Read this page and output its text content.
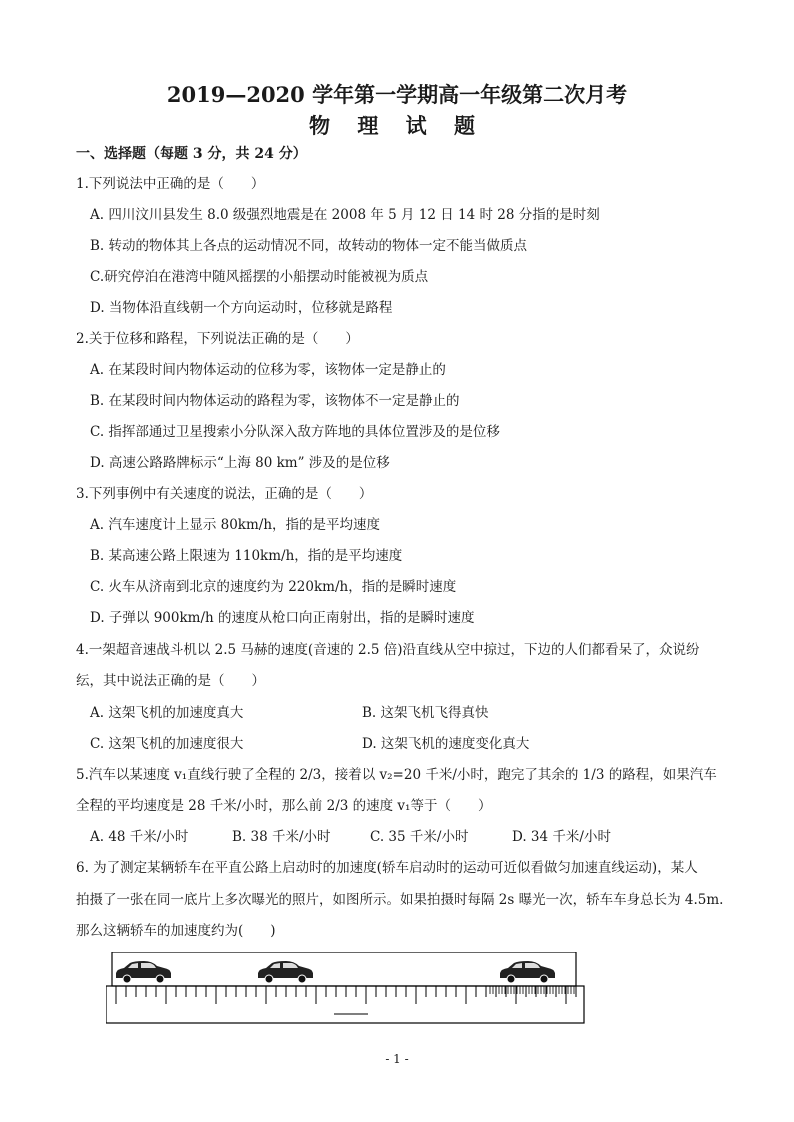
2019—2020 学年第一学期高一年级第二次月考
物 理 试 题
一、选择题（每题 3 分，共 24 分）
1.下列说法中正确的是（　　）
A. 四川汶川县发生 8.0 级强烈地震是在 2008 年 5 月 12 日 14 时 28 分指的是时刻
B. 转动的物体其上各点的运动情况不同，故转动的物体一定不能当做质点
C.研究停泊在港湾中随风摇摆的小船摆动时能被视为质点
D. 当物体沿直线朝一个方向运动时，位移就是路程
2.关于位移和路程，下列说法正确的是（　　）
A. 在某段时间内物体运动的位移为零，该物体一定是静止的
B. 在某段时间内物体运动的路程为零，该物体不一定是静止的
C. 指挥部通过卫星搜索小分队深入敌方阵地的具体位置涉及的是位移
D. 高速公路路牌标示“上海 80 km” 涉及的是位移
3.下列事例中有关速度的说法，正确的是（　　）
A. 汽车速度计上显示 80km/h，指的是平均速度
B. 某高速公路上限速为 110km/h，指的是平均速度
C. 火车从济南到北京的速度约为 220km/h，指的是瞬时速度
D. 子弹以 900km/h 的速度从枪口向正南射出，指的是瞬时速度
4.一架超音速战斗机以 2.5 马赫的速度(音速的 2.5 倍)沿直线从空中掠过，下边的人们都看呆了，众说纷
纭，其中说法正确的是（　　）
A. 这架飞机的加速度真大	B. 这架飞机飞得真快
C. 这架飞机的加速度很大	D. 这架飞机的速度变化真大
5.汽车以某速度 v₁直线行驶了全程的 2/3，接着以 v₂=20 千米/小时，跑完了其余的 1/3 的路程，如果汽车
全程的平均速度是 28 千米/小时，那么前 2/3 的速度 v₁等于（　　）
A. 48 千米/小时	B. 38 千米/小时	C. 35 千米/小时	D. 34 千米/小时
6. 为了测定某辆轿车在平直公路上启动时的加速度(轿车启动时的运动可近似看做匀加速直线运动)，某人
拍摄了一张在同一底片上多次曝光的照片，如图所示。如果拍摄时每隔 2s 曝光一次，轿车车身总长为 4.5m.
那么这辆轿车的加速度约为(　　)
- 1 -
